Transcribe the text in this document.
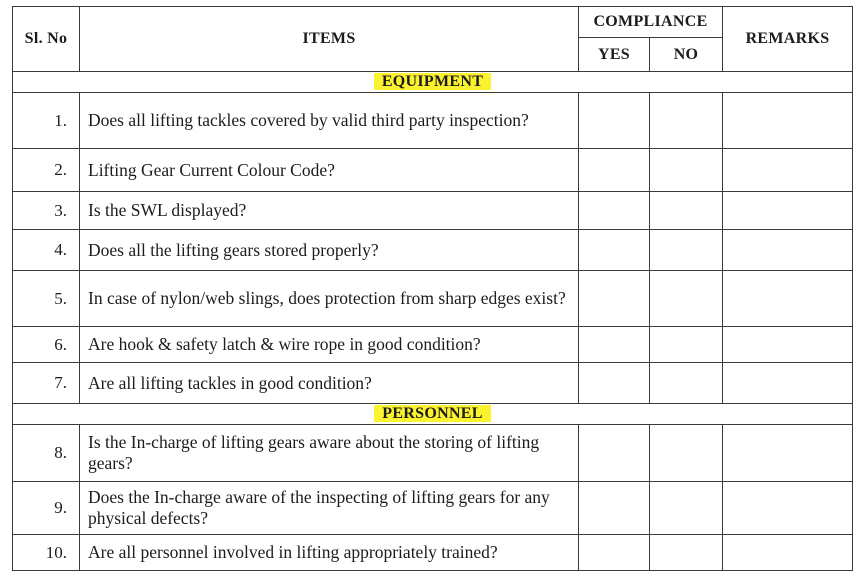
Sl. No	ITEMS	COMPLIANCE		REMARKS
		YES	NO	
EQUIPMENT				
1.	Does all lifting tackles covered by valid third party inspection?			
2.	Lifting Gear Current Colour Code?			
3.	Is the SWL displayed?			
4.	Does all the lifting gears stored properly?			
5.	In case of nylon/web slings, does protection from sharp edges exist?			
6.	Are hook & safety latch & wire rope in good condition?			
7.	Are all lifting tackles in good condition?			
PERSONNEL				
8.	Is the In-charge of lifting gears aware about the storing of lifting gears?			
9.	Does the In-charge aware of the inspecting of lifting gears for any physical defects?			
10.	Are all personnel involved in lifting appropriately trained?			
